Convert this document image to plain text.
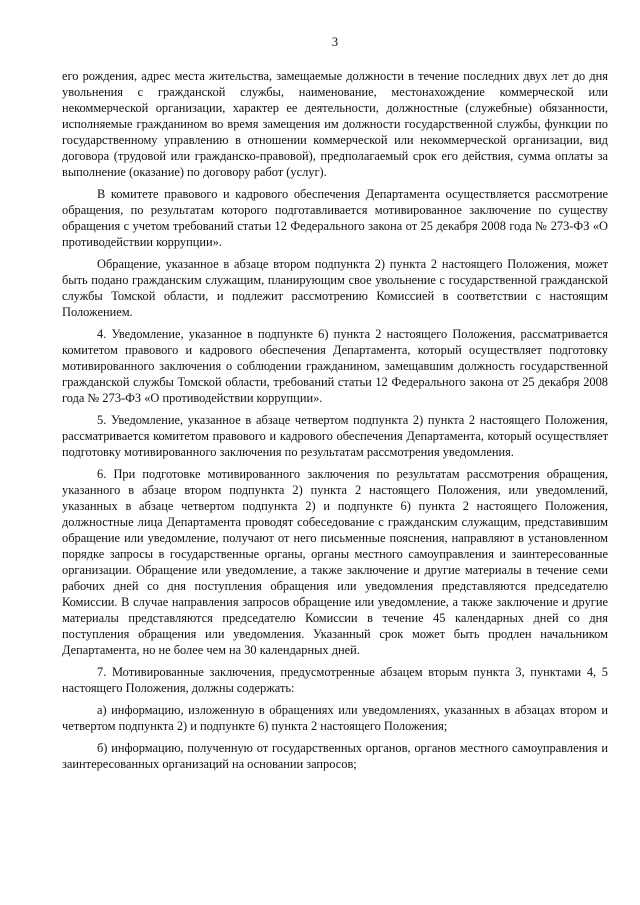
3

его рождения, адрес места жительства, замещаемые должности в течение последних двух лет до дня увольнения с гражданской службы, наименование, местонахождение коммерческой или некоммерческой организации, характер ее деятельности, должностные (служебные) обязанности, исполняемые гражданином во время замещения им должности государственной службы, функции по государственному управлению в отношении коммерческой или некоммерческой организации, вид договора (трудовой или гражданско-правовой), предполагаемый срок его действия, сумма оплаты за выполнение (оказание) по договору работ (услуг).

В комитете правового и кадрового обеспечения Департамента осуществляется рассмотрение обращения, по результатам которого подготавливается мотивированное заключение по существу обращения с учетом требований статьи 12 Федерального закона от 25 декабря 2008 года № 273-ФЗ «О противодействии коррупции».

Обращение, указанное в абзаце втором подпункта 2) пункта 2 настоящего Положения, может быть подано гражданским служащим, планирующим свое увольнение с государственной гражданской службы Томской области, и подлежит рассмотрению Комиссией в соответствии с настоящим Положением.

4. Уведомление, указанное в подпункте 6) пункта 2 настоящего Положения, рассматривается комитетом правового и кадрового обеспечения Департамента, который осуществляет подготовку мотивированного заключения о соблюдении гражданином, замещавшим должность государственной гражданской службы Томской области, требований статьи 12 Федерального закона от 25 декабря 2008 года № 273-ФЗ «О противодействии коррупции».

5. Уведомление, указанное в абзаце четвертом подпункта 2) пункта 2 настоящего Положения, рассматривается комитетом правового и кадрового обеспечения Департамента, который осуществляет подготовку мотивированного заключения по результатам рассмотрения уведомления.

6. При подготовке мотивированного заключения по результатам рассмотрения обращения, указанного в абзаце втором подпункта 2) пункта 2 настоящего Положения, или уведомлений, указанных в абзаце четвертом подпункта 2) и подпункте 6) пункта 2 настоящего Положения, должностные лица Департамента проводят собеседование с гражданским служащим, представившим обращение или уведомление, получают от него письменные пояснения, направляют в установленном порядке запросы в государственные органы, органы местного самоуправления и заинтересованные организации. Обращение или уведомление, а также заключение и другие материалы в течение семи рабочих дней со дня поступления обращения или уведомления представляются председателю Комиссии. В случае направления запросов обращение или уведомление, а также заключение и другие материалы представляются председателю Комиссии в течение 45 календарных дней со дня поступления обращения или уведомления. Указанный срок может быть продлен начальником Департамента, но не более чем на 30 календарных дней.

7. Мотивированные заключения, предусмотренные абзацем вторым пункта 3, пунктами 4, 5 настоящего Положения, должны содержать:

а) информацию, изложенную в обращениях или уведомлениях, указанных в абзацах втором и четвертом подпункта 2) и подпункте 6) пункта 2 настоящего Положения;

б) информацию, полученную от государственных органов, органов местного самоуправления и заинтересованных организаций на основании запросов;
